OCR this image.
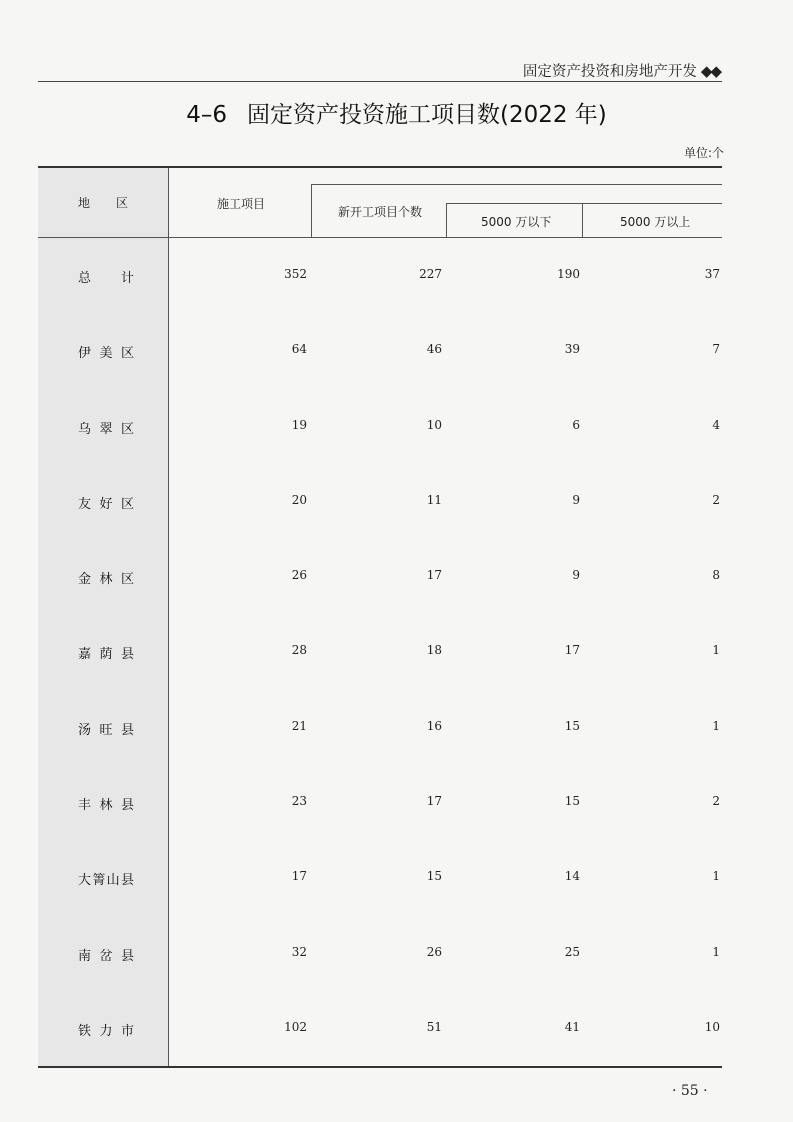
固定资产投资和房地产开发 ◆◆
4–6 固定资产投资施工项目数(2022 年)
单位:个
地区	施工项目
新开工项目个数
5000 万以下	5000 万以上
总计	352	227	190	37
伊美区	64	46	39	7
乌翠区	19	10	6	4
友好区	20	11	9	2
金林区	26	17	9	8
嘉荫县	28	18	17	1
汤旺县	21	16	15	1
丰林县	23	17	15	2
大箐山县	17	15	14	1
南岔县	32	26	25	1
铁力市	102	51	41	10
· 55 ·
